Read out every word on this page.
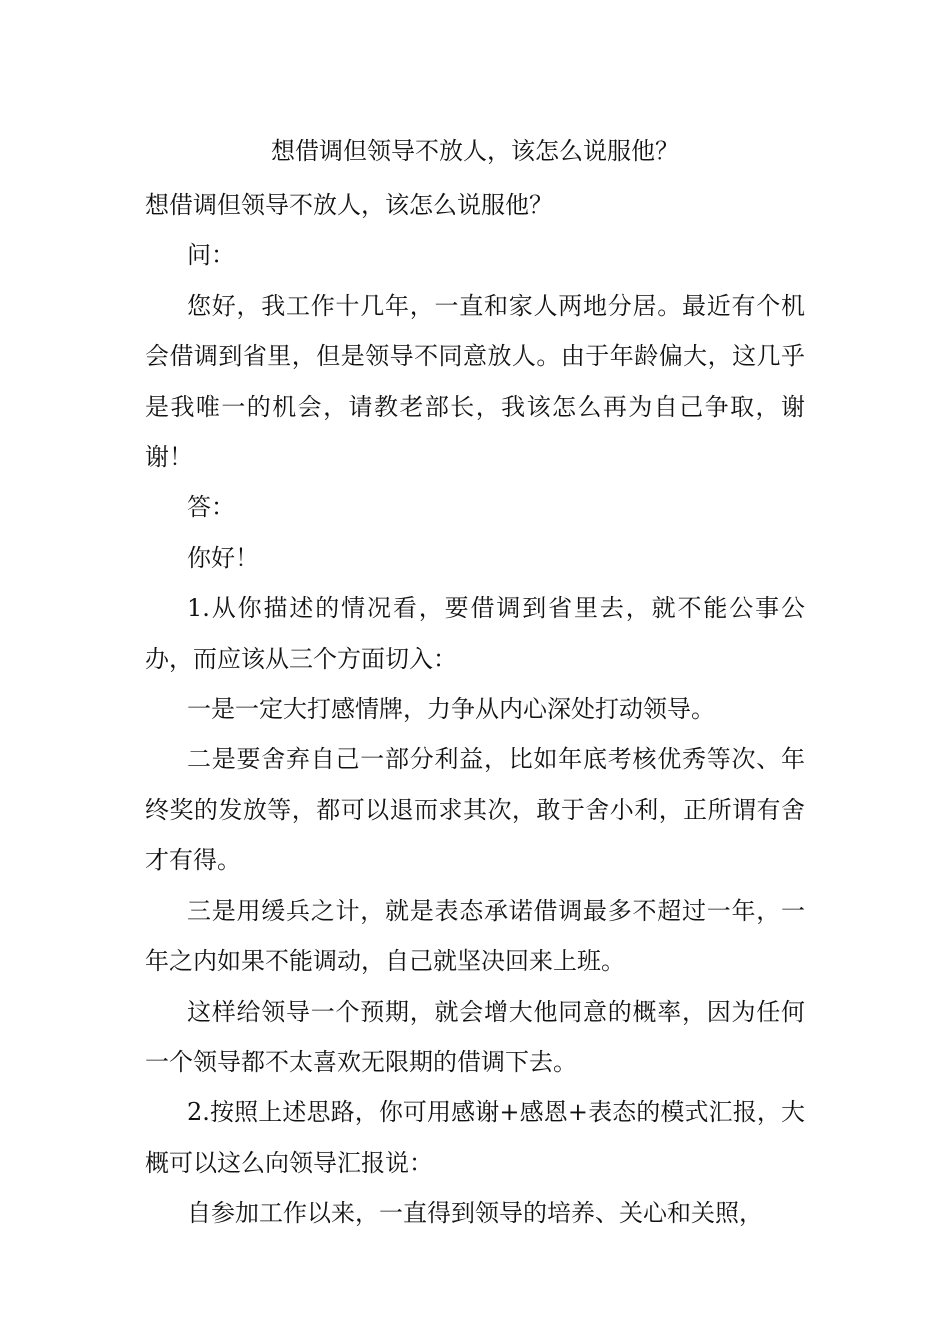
想借调但领导不放人，该怎么说服他？

想借调但领导不放人，该怎么说服他？

问：

您好，我工作十几年，一直和家人两地分居。最近有个机会借调到省里，但是领导不同意放人。由于年龄偏大，这几乎是我唯一的机会，请教老部长，我该怎么再为自己争取，谢谢！

答：

你好！

1.从你描述的情况看，要借调到省里去，就不能公事公办，而应该从三个方面切入：

一是一定大打感情牌，力争从内心深处打动领导。

二是要舍弃自己一部分利益，比如年底考核优秀等次、年终奖的发放等，都可以退而求其次，敢于舍小利，正所谓有舍才有得。

三是用缓兵之计，就是表态承诺借调最多不超过一年，一年之内如果不能调动，自己就坚决回来上班。

这样给领导一个预期，就会增大他同意的概率，因为任何一个领导都不太喜欢无限期的借调下去。

2.按照上述思路，你可用感谢+感恩+表态的模式汇报，大概可以这么向领导汇报说：

自参加工作以来，一直得到领导的培养、关心和关照，
